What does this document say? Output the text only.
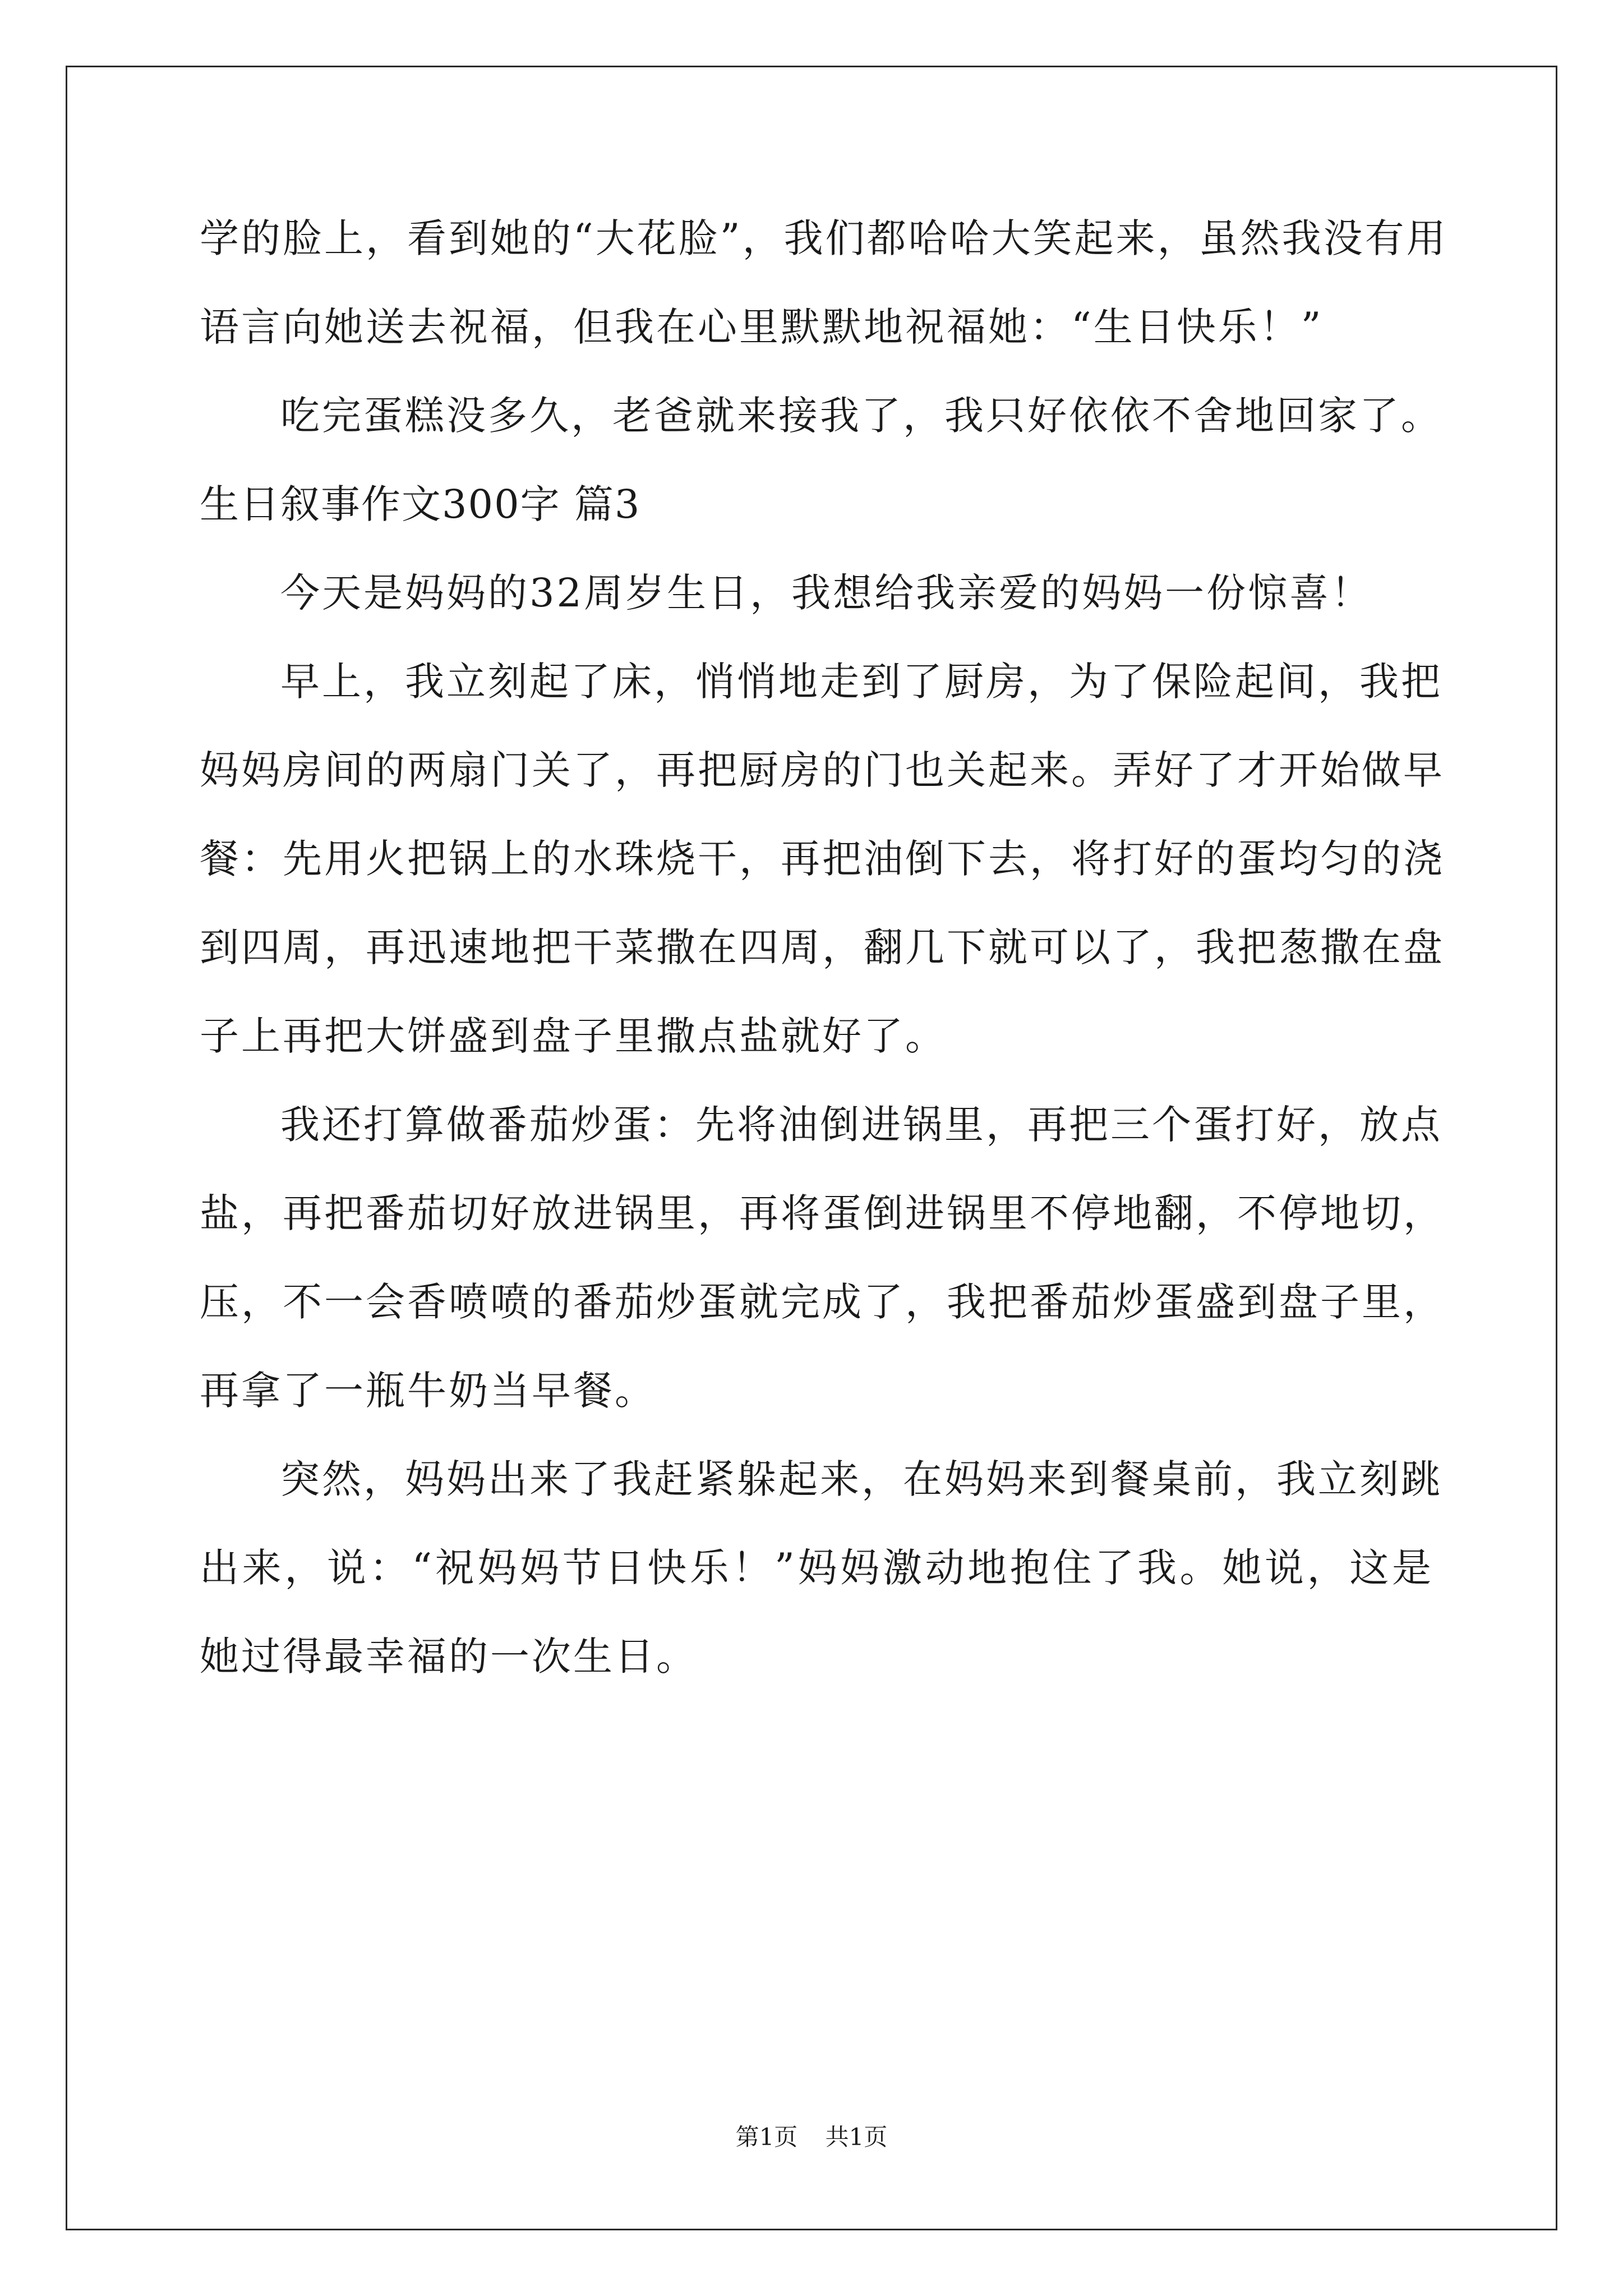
学的脸上，看到她的“大花脸”，我们都哈哈大笑起来，虽然我没有用
语言向她送去祝福，但我在心里默默地祝福她：“生日快乐！”
吃完蛋糕没多久，老爸就来接我了，我只好依依不舍地回家了。
生日叙事作文300字 篇3
今天是妈妈的32周岁生日，我想给我亲爱的妈妈一份惊喜！
早上，我立刻起了床，悄悄地走到了厨房，为了保险起间，我把
妈妈房间的两扇门关了，再把厨房的门也关起来。弄好了才开始做早
餐：先用火把锅上的水珠烧干，再把油倒下去，将打好的蛋均匀的浇
到四周，再迅速地把干菜撒在四周，翻几下就可以了，我把葱撒在盘
子上再把大饼盛到盘子里撒点盐就好了。
我还打算做番茄炒蛋：先将油倒进锅里，再把三个蛋打好，放点
盐，再把番茄切好放进锅里，再将蛋倒进锅里不停地翻，不停地切，
压，不一会香喷喷的番茄炒蛋就完成了，我把番茄炒蛋盛到盘子里，
再拿了一瓶牛奶当早餐。
突然，妈妈出来了我赶紧躲起来，在妈妈来到餐桌前，我立刻跳
出来，说：“祝妈妈节日快乐！”妈妈激动地抱住了我。她说，这是
她过得最幸福的一次生日。
第1页 共1页
